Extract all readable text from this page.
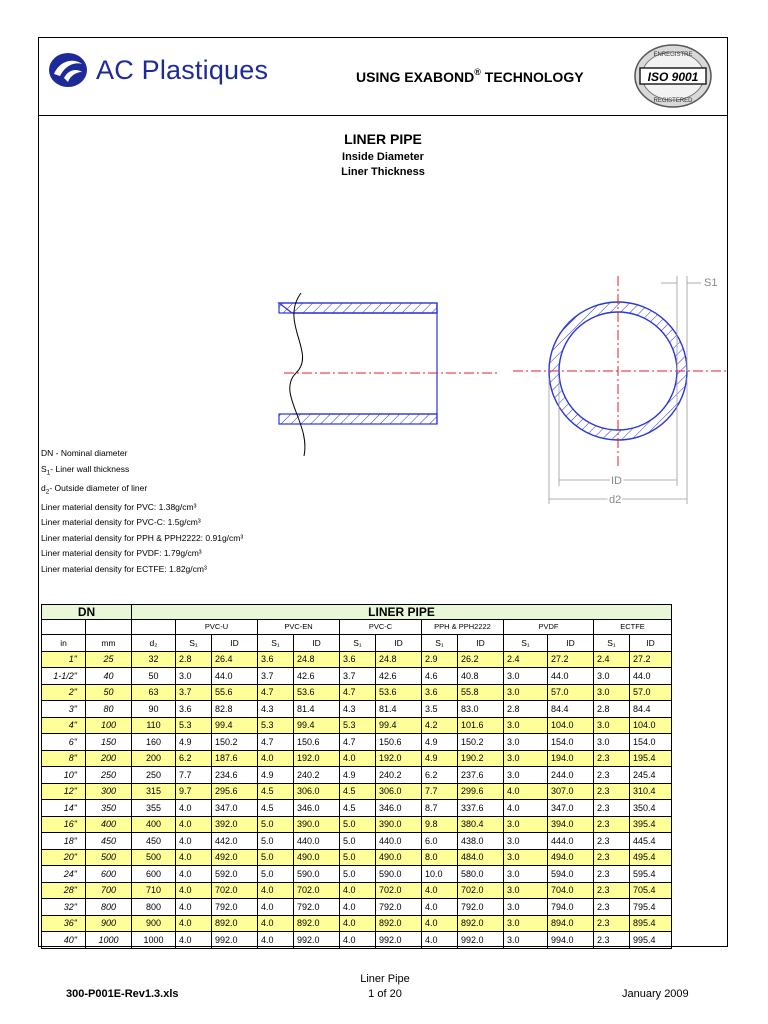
AC Plastiques	USING EXABOND® TECHNOLOGY
ENREGISTRE
ISO 9001
REGISTERED
LINER PIPE
Inside Diameter
Liner Thickness
S1
ID
d2
DN - Nominal diameter
$S_1-$ Liner wall thickness
$d_2-$ Outside diameter of liner
Liner material density for PVC: 1.38g/cm³
Liner material density for PVC-C: 1.5g/cm³
Liner material density for PPH & PPH2222: 0.91g/cm³
Liner material density for PVDF: 1.79g/cm³
Liner material density for ECTFE: 1.82g/cm³
DN		LINER PIPE												
			PVC-U		PVC-EN		PVC-C		PPH & PPH2222		PVDF		ECTFE	
in	mm	d₂	S₁	ID	S₁	ID	S₁	ID	S₁	ID	S₁	ID	S₁	ID
1"	25	32	2.8	26.4	3.6	24.8	3.6	24.8	2.9	26.2	2.4	27.2	2.4	27.2
1-1/2"	40	50	3.0	44.0	3.7	42.6	3.7	42.6	4.6	40.8	3.0	44.0	3.0	44.0
2"	50	63	3.7	55.6	4.7	53.6	4.7	53.6	3.6	55.8	3.0	57.0	3.0	57.0
3"	80	90	3.6	82.8	4.3	81.4	4.3	81.4	3.5	83.0	2.8	84.4	2.8	84.4
4"	100	110	5.3	99.4	5.3	99.4	5.3	99.4	4.2	101.6	3.0	104.0	3.0	104.0
6"	150	160	4.9	150.2	4.7	150.6	4.7	150.6	4.9	150.2	3.0	154.0	3.0	154.0
8"	200	200	6.2	187.6	4.0	192.0	4.0	192.0	4.9	190.2	3.0	194.0	2.3	195.4
10"	250	250	7.7	234.6	4.9	240.2	4.9	240.2	6.2	237.6	3.0	244.0	2.3	245.4
12"	300	315	9.7	295.6	4.5	306.0	4.5	306.0	7.7	299.6	4.0	307.0	2.3	310.4
14"	350	355	4.0	347.0	4.5	346.0	4.5	346.0	8.7	337.6	4.0	347.0	2.3	350.4
16"	400	400	4.0	392.0	5.0	390.0	5.0	390.0	9.8	380.4	3.0	394.0	2.3	395.4
18"	450	450	4.0	442.0	5.0	440.0	5.0	440.0	6.0	438.0	3.0	444.0	2.3	445.4
20"	500	500	4.0	492.0	5.0	490.0	5.0	490.0	8.0	484.0	3.0	494.0	2.3	495.4
24"	600	600	4.0	592.0	5.0	590.0	5.0	590.0	10.0	580.0	3.0	594.0	2.3	595.4
28"	700	710	4.0	702.0	4.0	702.0	4.0	702.0	4.0	702.0	3.0	704.0	2.3	705.4
32"	800	800	4.0	792.0	4.0	792.0	4.0	792.0	4.0	792.0	3.0	794.0	2.3	795.4
36"	900	900	4.0	892.0	4.0	892.0	4.0	892.0	4.0	892.0	3.0	894.0	2.3	895.4
40"	1000	1000	4.0	992.0	4.0	992.0	4.0	992.0	4.0	992.0	3.0	994.0	2.3	995.4
300-P001E-Rev1.3.xls
Liner Pipe
1 of 20	January 2009
